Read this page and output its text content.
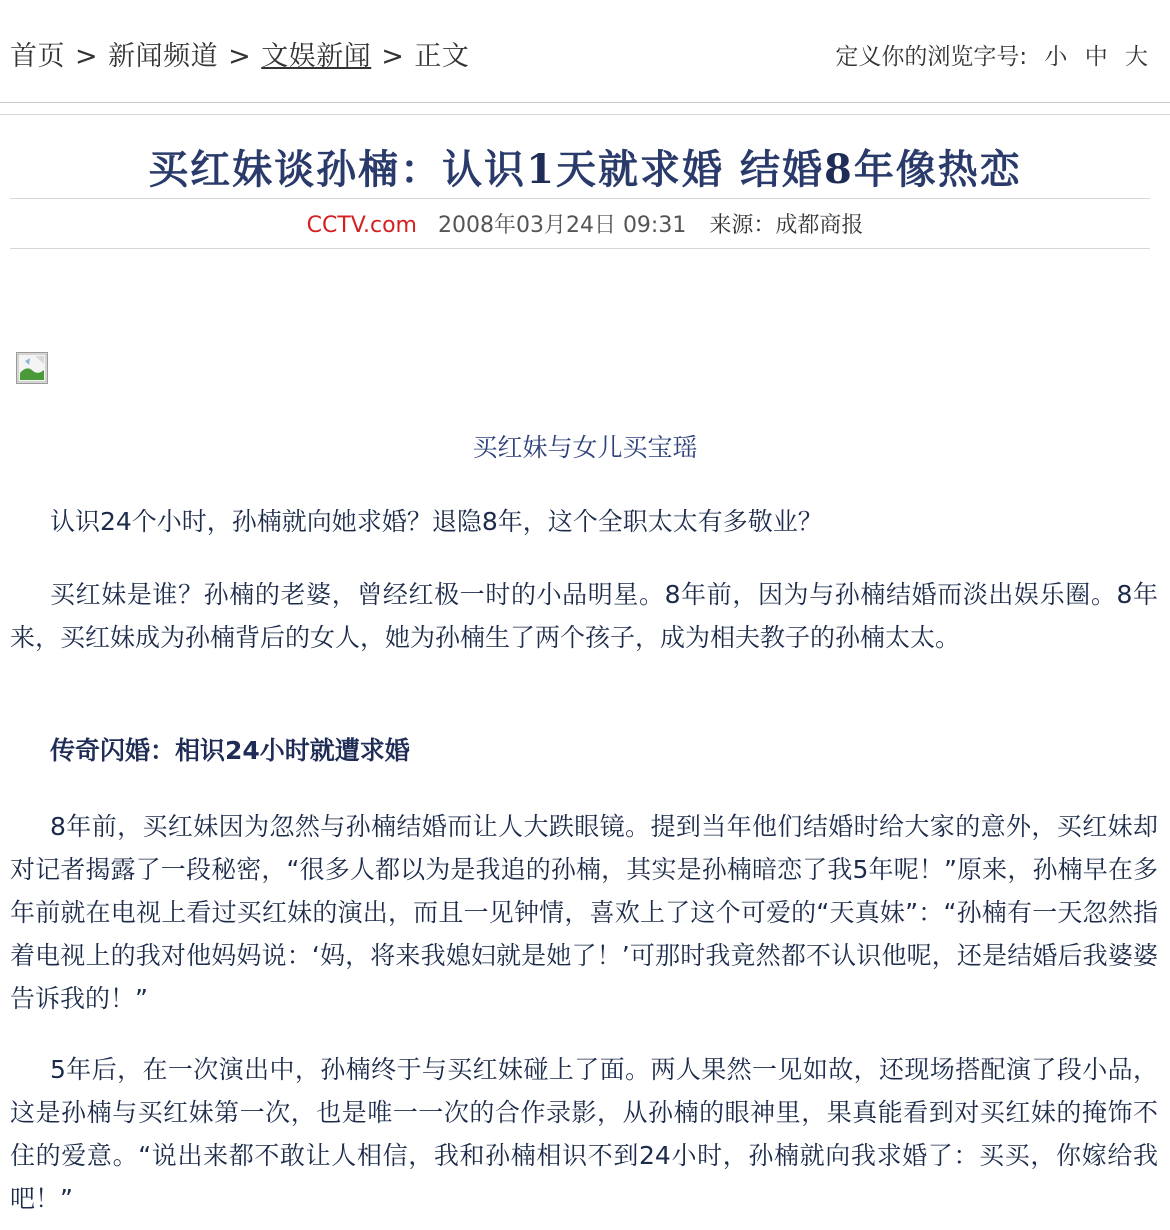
首页 > 新闻频道 > 文娱新闻 > 正文	定义你的浏览字号: 小 中 大
买红妹谈孙楠：认识1天就求婚 结婚8年像热恋
CCTV.com 2008年03月24日 09:31 来源：成都商报
买红妹与女儿买宝瑶

认识24个小时，孙楠就向她求婚？退隐8年，这个全职太太有多敬业？

买红妹是谁？孙楠的老婆，曾经红极一时的小品明星。8年前，因为与孙楠结婚而淡出娱乐圈。8年来，买红妹成为孙楠背后的女人，她为孙楠生了两个孩子，成为相夫教子的孙楠太太。

传奇闪婚：相识24小时就遭求婚

8年前，买红妹因为忽然与孙楠结婚而让人大跌眼镜。提到当年他们结婚时给大家的意外，买红妹却对记者揭露了一段秘密，“很多人都以为是我追的孙楠，其实是孙楠暗恋了我5年呢！”原来，孙楠早在多年前就在电视上看过买红妹的演出，而且一见钟情，喜欢上了这个可爱的“天真妹”：“孙楠有一天忽然指着电视上的我对他妈妈说：‘妈，将来我媳妇就是她了！’可那时我竟然都不认识他呢，还是结婚后我婆婆告诉我的！”

5年后，在一次演出中，孙楠终于与买红妹碰上了面。两人果然一见如故，还现场搭配演了段小品，这是孙楠与买红妹第一次，也是唯一一次的合作录影，从孙楠的眼神里，果真能看到对买红妹的掩饰不住的爱意。“说出来都不敢让人相信，我和孙楠相识不到24小时，孙楠就向我求婚了：买买，你嫁给我吧！”
